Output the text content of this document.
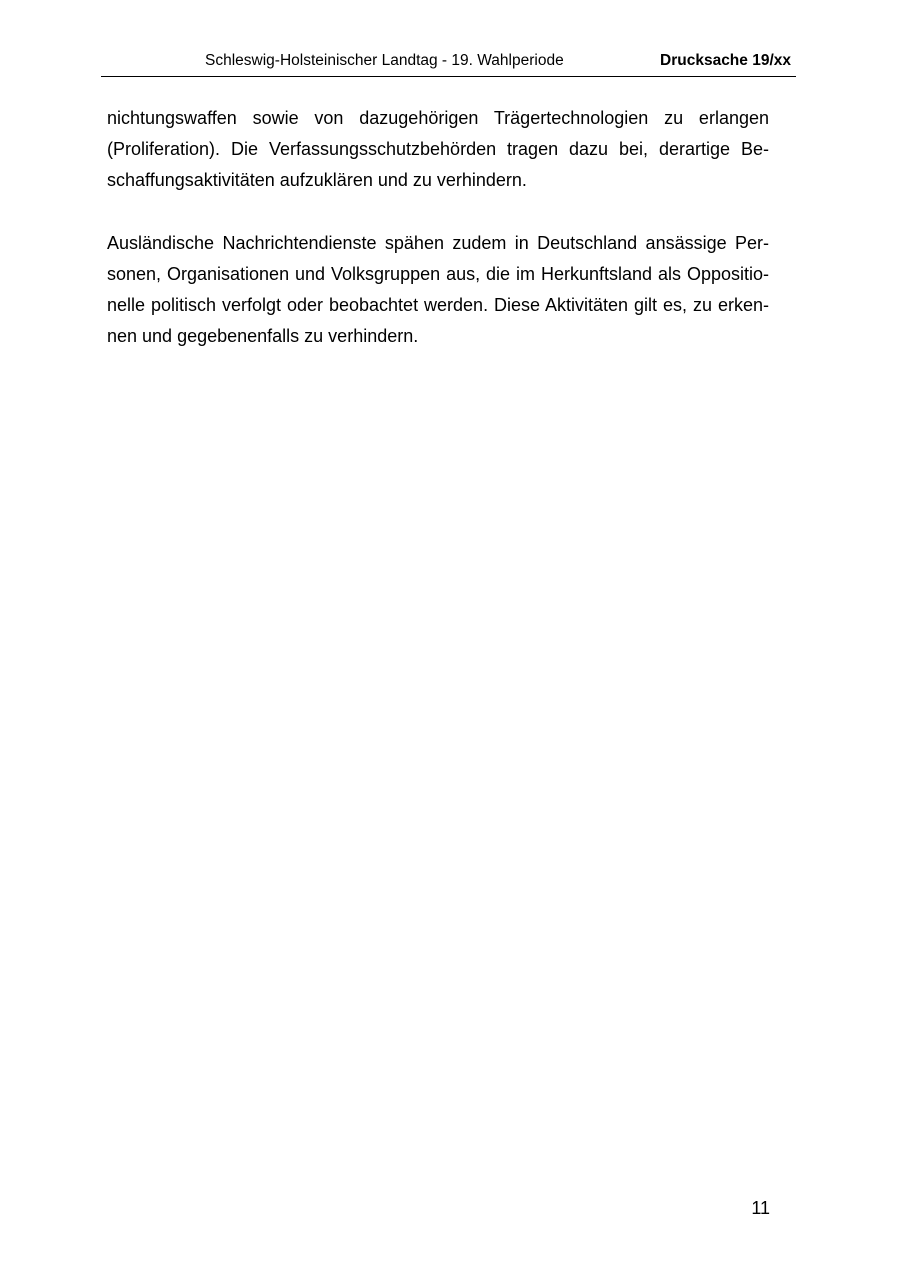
Schleswig-Holsteinischer Landtag - 19. Wahlperiode	Drucksache 19/xx

nichtungswaffen sowie von dazugehörigen Trägertechnologien zu erlangen
(Proliferation). Die Verfassungsschutzbehörden tragen dazu bei, derartige Be-
schaffungsaktivitäten aufzuklären und zu verhindern.

Ausländische Nachrichtendienste spähen zudem in Deutschland ansässige Per-
sonen, Organisationen und Volksgruppen aus, die im Herkunftsland als Oppositio-
nelle politisch verfolgt oder beobachtet werden. Diese Aktivitäten gilt es, zu erken-
nen und gegebenenfalls zu verhindern.

11
